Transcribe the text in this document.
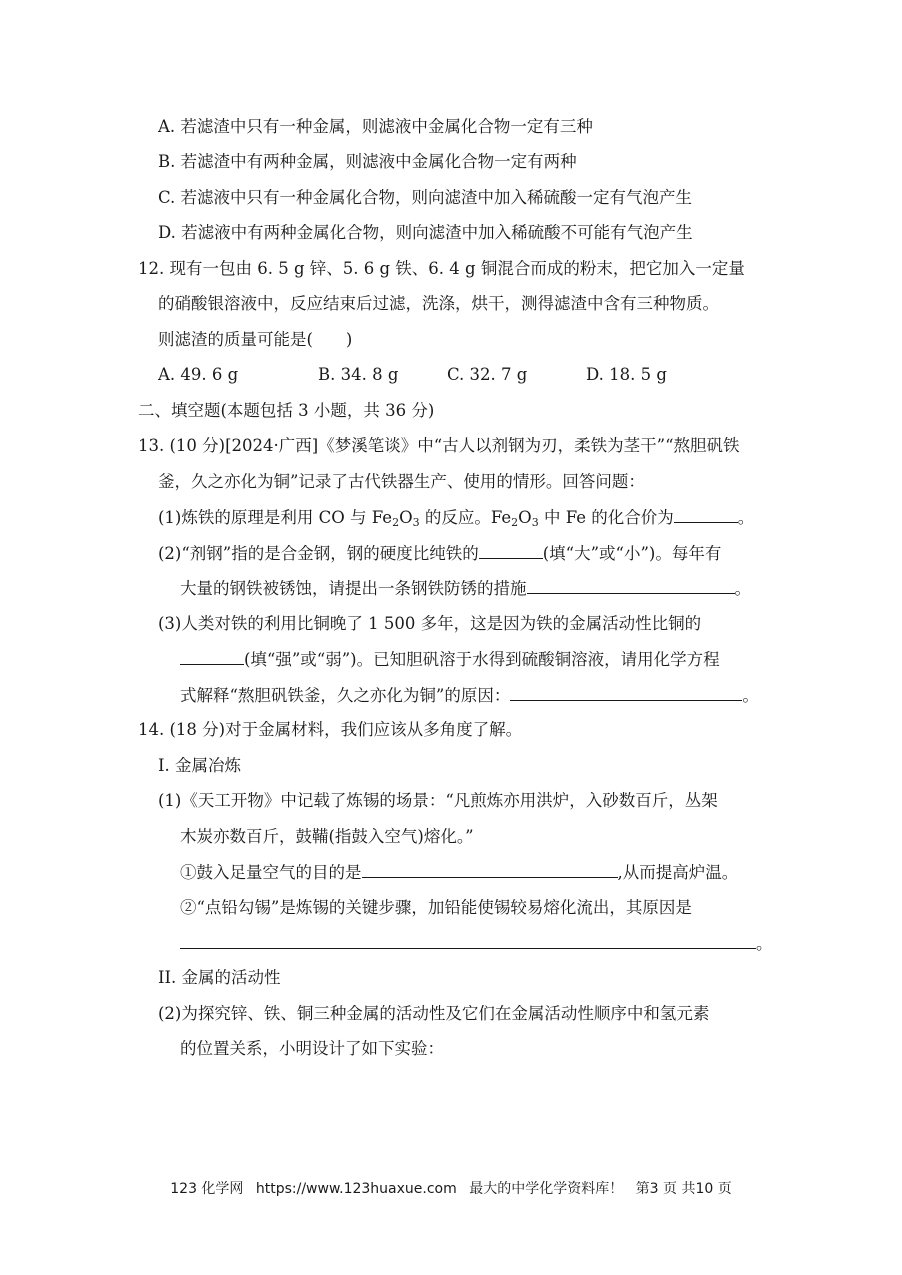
A. 若滤渣中只有一种金属，则滤液中金属化合物一定有三种
B. 若滤渣中有两种金属，则滤液中金属化合物一定有两种
C. 若滤液中只有一种金属化合物，则向滤渣中加入稀硫酸一定有气泡产生
D. 若滤液中有两种金属化合物，则向滤渣中加入稀硫酸不可能有气泡产生
12. 现有一包由 6. 5 g 锌、5. 6 g 铁、6. 4 g 铜混合而成的粉末，把它加入一定量
的硝酸银溶液中，反应结束后过滤，洗涤，烘干，测得滤渣中含有三种物质。
则滤渣的质量可能是(　　)
A. 49. 6 g	B. 34. 8 g	C. 32. 7 g	D. 18. 5 g
二、填空题(本题包括 3 小题，共 36 分)
13. (10 分)[2024·广西]《梦溪笔谈》中“古人以剂钢为刃，柔铁为茎干”“熬胆矾铁
釜，久之亦化为铜”记录了古代铁器生产、使用的情形。回答问题：
(1)炼铁的原理是利用 CO 与 $Fe_2O_3$ 的反应。$Fe_2O_3$ 中 Fe 的化合价为	。
(2)“剂钢”指的是合金钢，钢的硬度比纯铁的	(填“大”或“小”)。每年有
大量的钢铁被锈蚀，请提出一条钢铁防锈的措施	。
(3)人类对铁的利用比铜晚了 1 500 多年，这是因为铁的金属活动性比铜的
(填“强”或“弱”)。已知胆矾溶于水得到硫酸铜溶液，请用化学方程
式解释“熬胆矾铁釜，久之亦化为铜”的原因：	。
14. (18 分)对于金属材料，我们应该从多角度了解。
I. 金属冶炼
(1)《天工开物》中记载了炼锡的场景：“凡煎炼亦用洪炉，入砂数百斤，丛架
木炭亦数百斤，鼓鞴(指鼓入空气)熔化。”
①鼓入足量空气的目的是	,从而提高炉温。
②“点铅勾锡”是炼锡的关键步骤，加铅能使锡较易熔化流出，其原因是
。
II. 金属的活动性
(2)为探究锌、铁、铜三种金属的活动性及它们在金属活动性顺序中和氢元素
的位置关系，小明设计了如下实验：
123 化学网 https://www.123huaxue.com 最大的中学化学资料库！ 第3 页 共10 页
